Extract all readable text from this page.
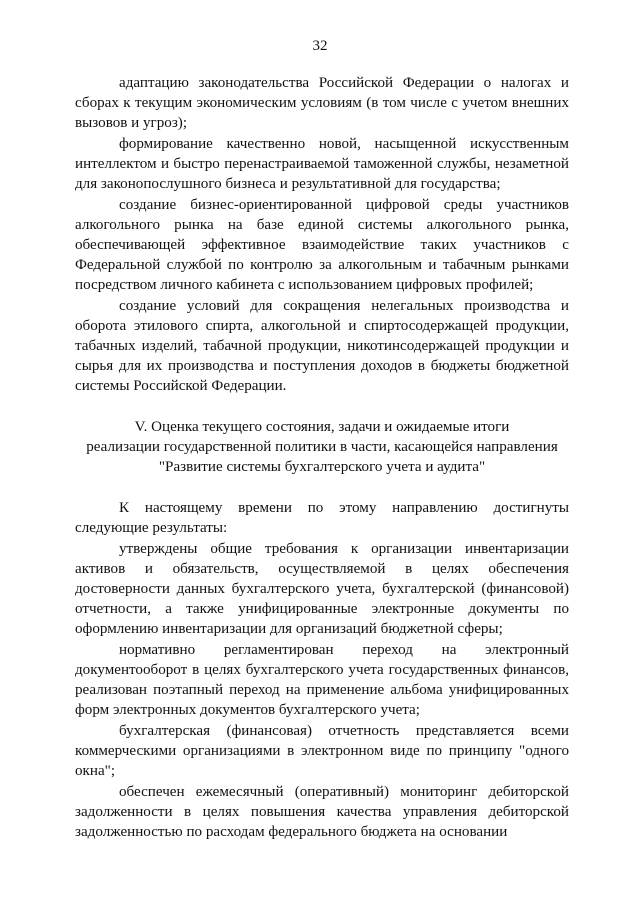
32

адаптацию законодательства Российской Федерации о налогах и сборах к текущим экономическим условиям (в том числе с учетом внешних вызовов и угроз);

формирование качественно новой, насыщенной искусственным интеллектом и быстро перенастраиваемой таможенной службы, незаметной для законопослушного бизнеса и результативной для государства;

создание бизнес-ориентированной цифровой среды участников алкогольного рынка на базе единой системы алкогольного рынка, обеспечивающей эффективное взаимодействие таких участников с Федеральной службой по контролю за алкогольным и табачным рынками посредством личного кабинета с использованием цифровых профилей;

создание условий для сокращения нелегальных производства и оборота этилового спирта, алкогольной и спиртосодержащей продукции, табачных изделий, табачной продукции, никотинсодержащей продукции и сырья для их производства и поступления доходов в бюджеты бюджетной системы Российской Федерации.

V. Оценка текущего состояния, задачи и ожидаемые итоги
реализации государственной политики в части, касающейся направления
"Развитие системы бухгалтерского учета и аудита"

К настоящему времени по этому направлению достигнуты следующие результаты:

утверждены общие требования к организации инвентаризации активов и обязательств, осуществляемой в целях обеспечения достоверности данных бухгалтерского учета, бухгалтерской (финансовой) отчетности, а также унифицированные электронные документы по оформлению инвентаризации для организаций бюджетной сферы;

нормативно регламентирован переход на электронный документооборот в целях бухгалтерского учета государственных финансов, реализован поэтапный переход на применение альбома унифицированных форм электронных документов бухгалтерского учета;

бухгалтерская (финансовая) отчетность представляется всеми коммерческими организациями в электронном виде по принципу "одного окна";

обеспечен ежемесячный (оперативный) мониторинг дебиторской задолженности в целях повышения качества управления дебиторской задолженностью по расходам федерального бюджета на основании
